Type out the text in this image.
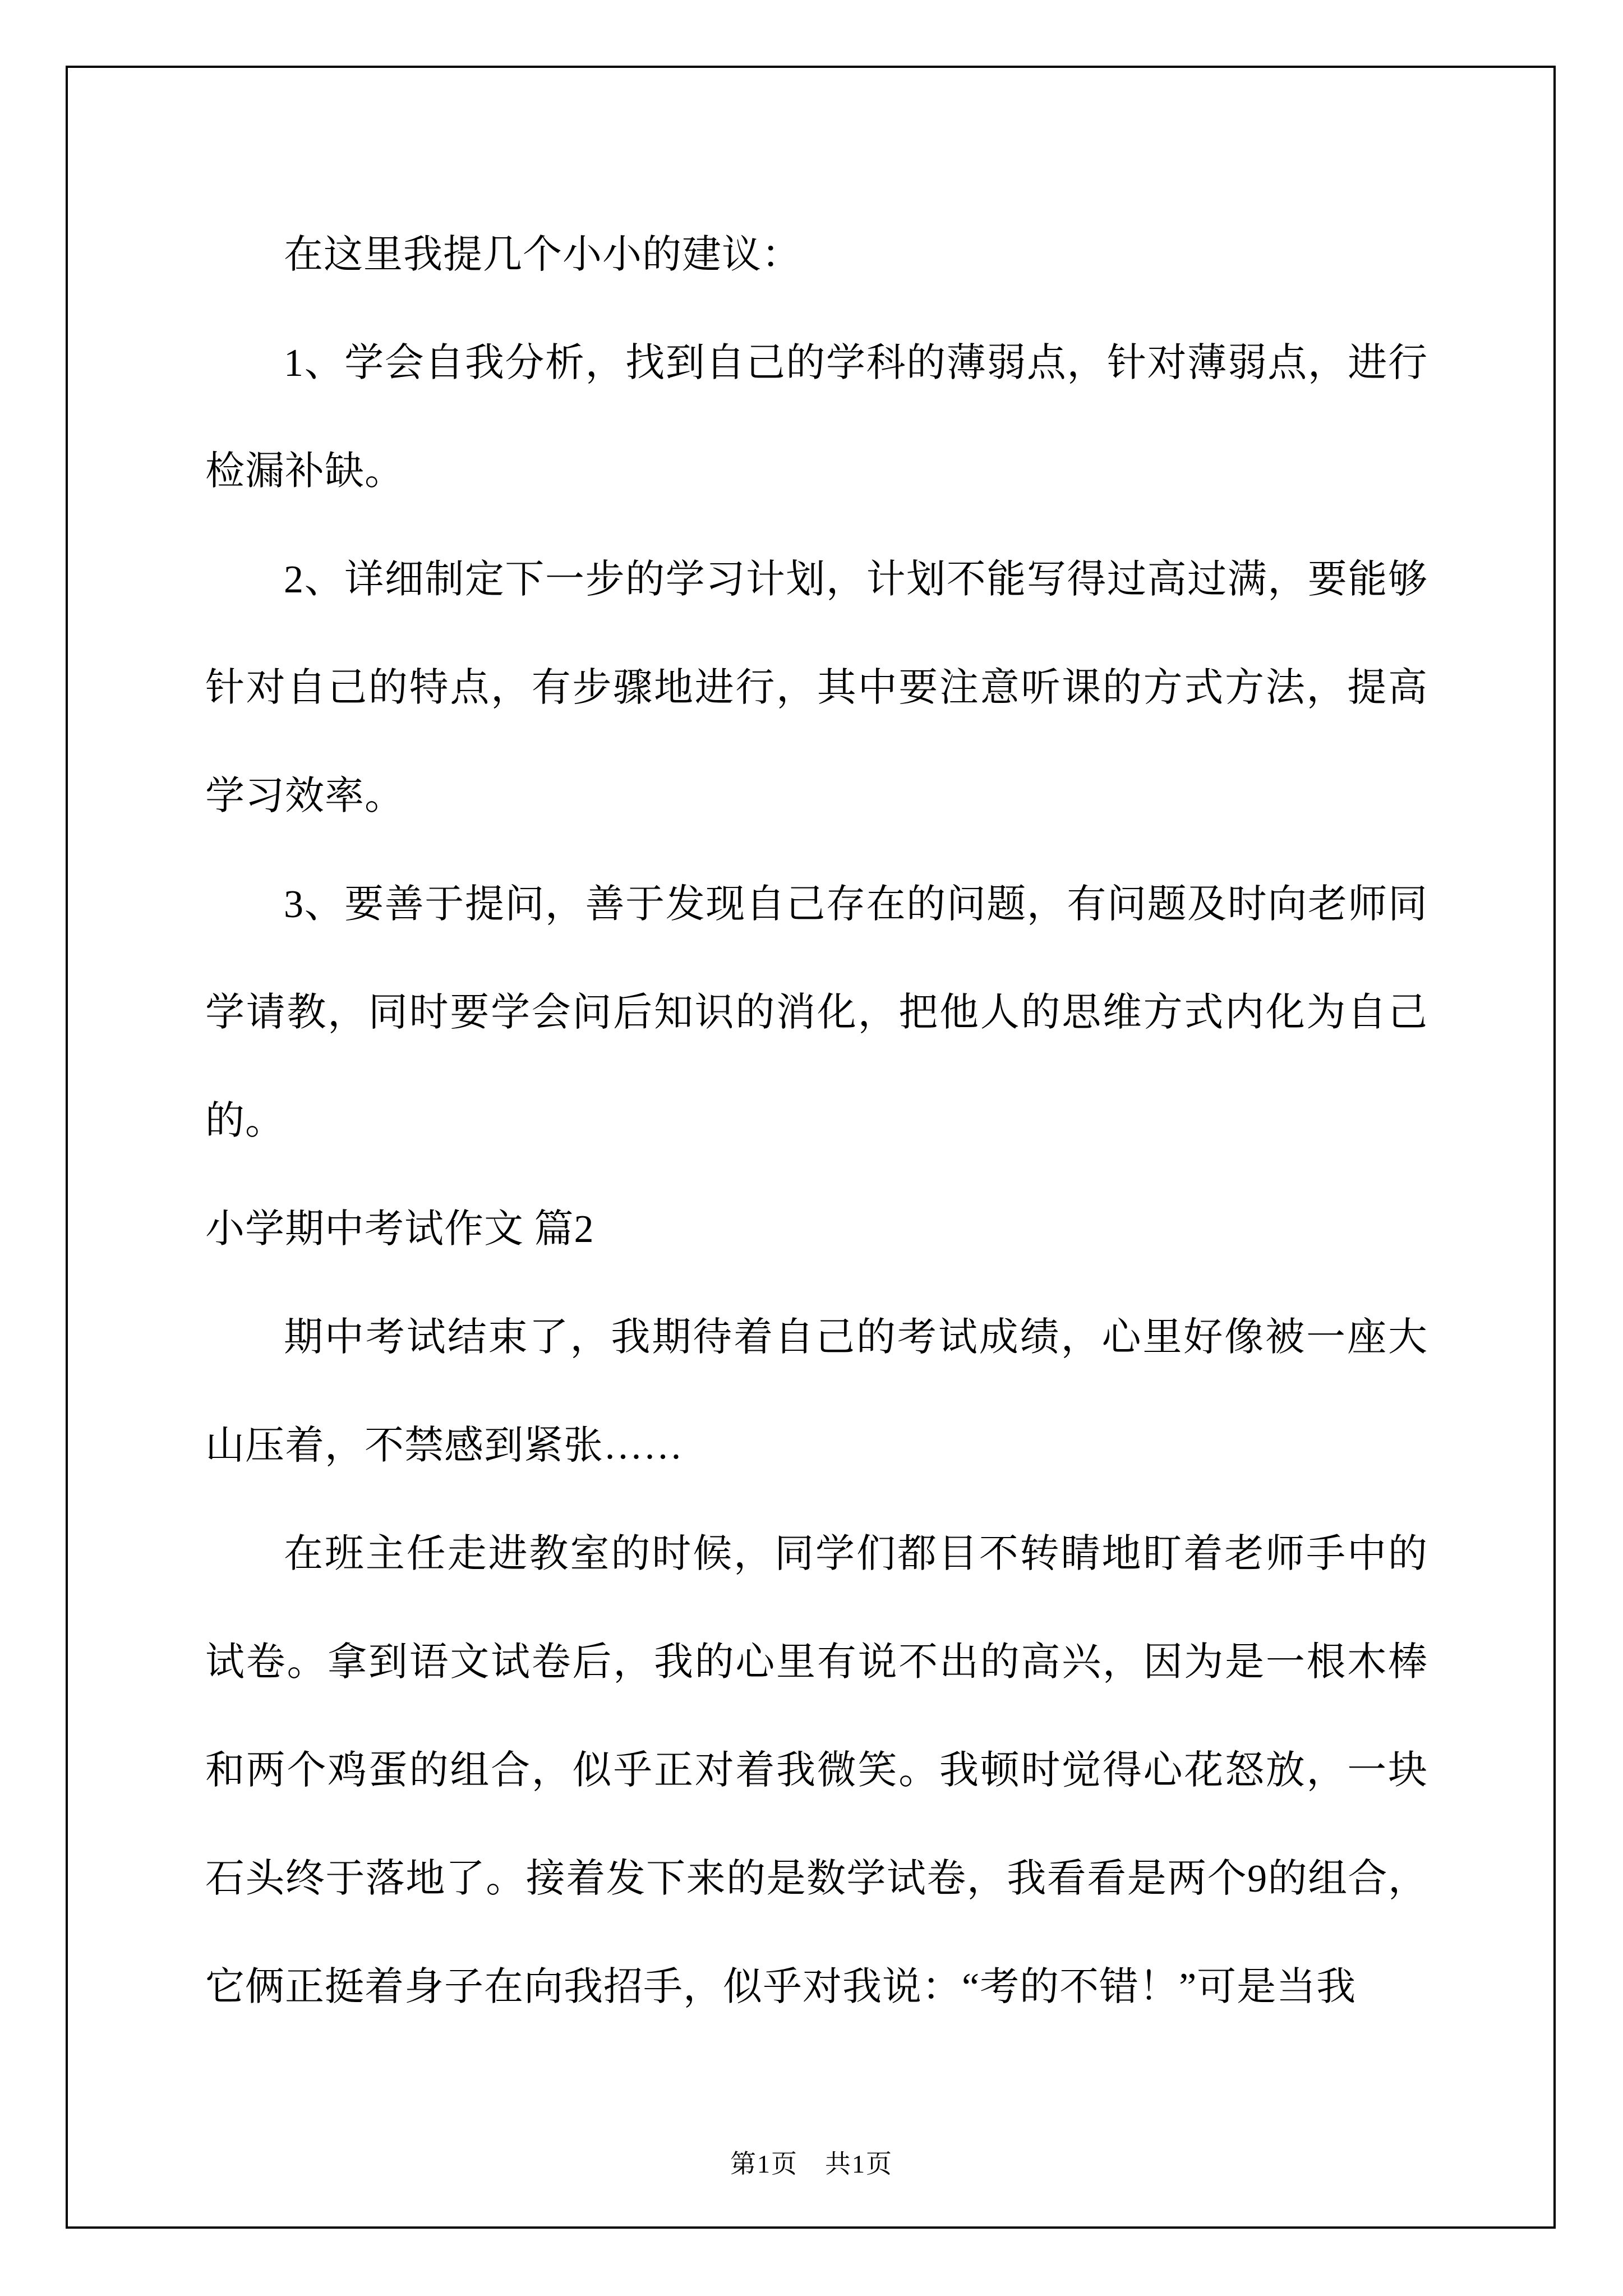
在这里我提几个小小的建议：

1、学会自我分析，找到自己的学科的薄弱点，针对薄弱点，进行检漏补缺。

2、详细制定下一步的学习计划，计划不能写得过高过满，要能够针对自己的特点，有步骤地进行，其中要注意听课的方式方法，提高学习效率。

3、要善于提问，善于发现自己存在的问题，有问题及时向老师同学请教，同时要学会问后知识的消化，把他人的思维方式内化为自己的。

小学期中考试作文 篇2

期中考试结束了，我期待着自己的考试成绩，心里好像被一座大山压着，不禁感到紧张……

在班主任走进教室的时候，同学们都目不转睛地盯着老师手中的试卷。拿到语文试卷后，我的心里有说不出的高兴，因为是一根木棒和两个鸡蛋的组合，似乎正对着我微笑。我顿时觉得心花怒放，一块石头终于落地了。接着发下来的是数学试卷，我看看是两个9的组合，它俩正挺着身子在向我招手，似乎对我说：“考的不错！”可是当我

第1页　共1页
